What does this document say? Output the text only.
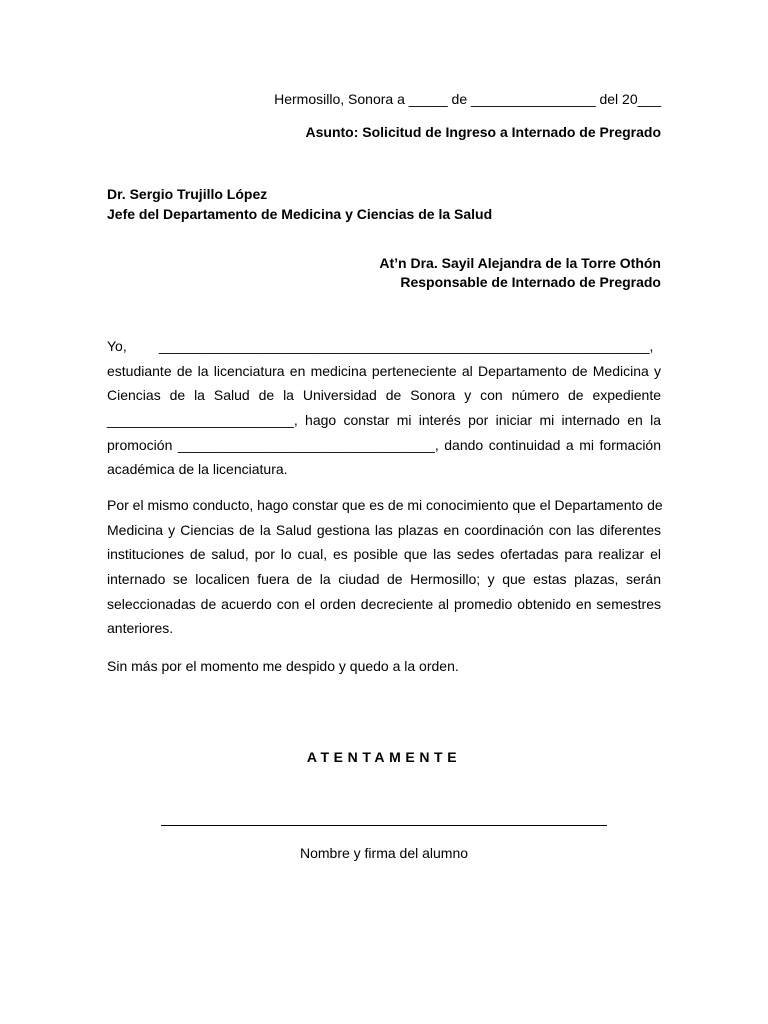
Hermosillo, Sonora a _____ de ________________ del 20___
Asunto: Solicitud de Ingreso a Internado de Pregrado
Dr. Sergio Trujillo López
Jefe del Departamento de Medicina y Ciencias de la Salud
At’n Dra. Sayil Alejandra de la Torre Othón
Responsable de Internado de Pregrado
Yo,	_______________________________________________________________,
estudiante de la licenciatura en medicina perteneciente al Departamento de Medicina y
Ciencias de la Salud de la Universidad de Sonora y con número de expediente
________________________, hago constar mi interés por iniciar mi internado en la
promoción _________________________________, dando continuidad a mi formación
académica de la licenciatura.
Por el mismo conducto, hago constar que es de mi conocimiento que el Departamento de
Medicina y Ciencias de la Salud gestiona las plazas en coordinación con las diferentes
instituciones de salud, por lo cual, es posible que las sedes ofertadas para realizar el
internado se localicen fuera de la ciudad de Hermosillo; y que estas plazas, serán
seleccionadas de acuerdo con el orden decreciente al promedio obtenido en semestres
anteriores.
Sin más por el momento me despido y quedo a la orden.
ATENTAMENTE
Nombre y firma del alumno
